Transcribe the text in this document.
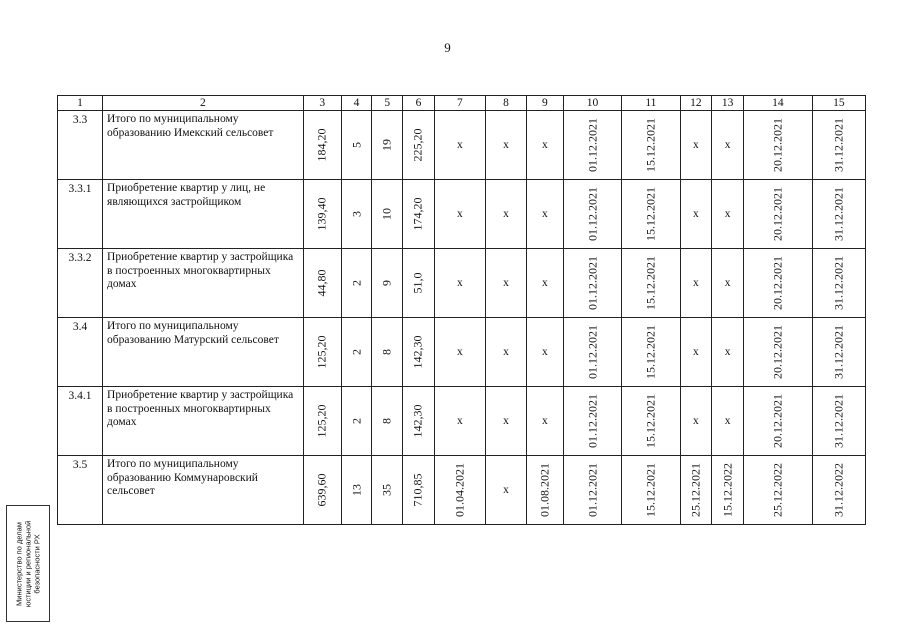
9
1	2	3	4	5	6	7	8	9	10	11	12	13	14	15
3.3	Итого по муниципальному образованию Имекский сельсовет	184,20	5	19	225,20	x	x	x	01.12.2021	15.12.2021	x	x	20.12.2021	31.12.2021

3.3.1	Приобретение квартир у лиц, не являющихся застройщиком	139,40	3	10	174,20	x	x	x	01.12.2021	15.12.2021	x	x	20.12.2021	31.12.2021

3.3.2	Приобретение квартир у застройщика в построенных многоквартирных домах	44,80	2	9	51,0	x	x	x	01.12.2021	15.12.2021	x	x	20.12.2021	31.12.2021

3.4	Итого по муниципальному образованию Матурский сельсовет	125,20	2	8	142,30	x	x	x	01.12.2021	15.12.2021	x	x	20.12.2021	31.12.2021

3.4.1	Приобретение квартир у застройщика в построенных многоквартирных домах	125,20	2	8	142,30	x	x	x	01.12.2021	15.12.2021	x	x	20.12.2021	31.12.2021

3.5	Итого по муниципальному образованию Коммунаровский сельсовет	639,60	13	35	710,85	01.04.2021	x	01.08.2021	01.12.2021	15.12.2021	25.12.2021	15.12.2022	25.12.2022	31.12.2022
Министерство по делам юстиции и региональной безопасности РХ
